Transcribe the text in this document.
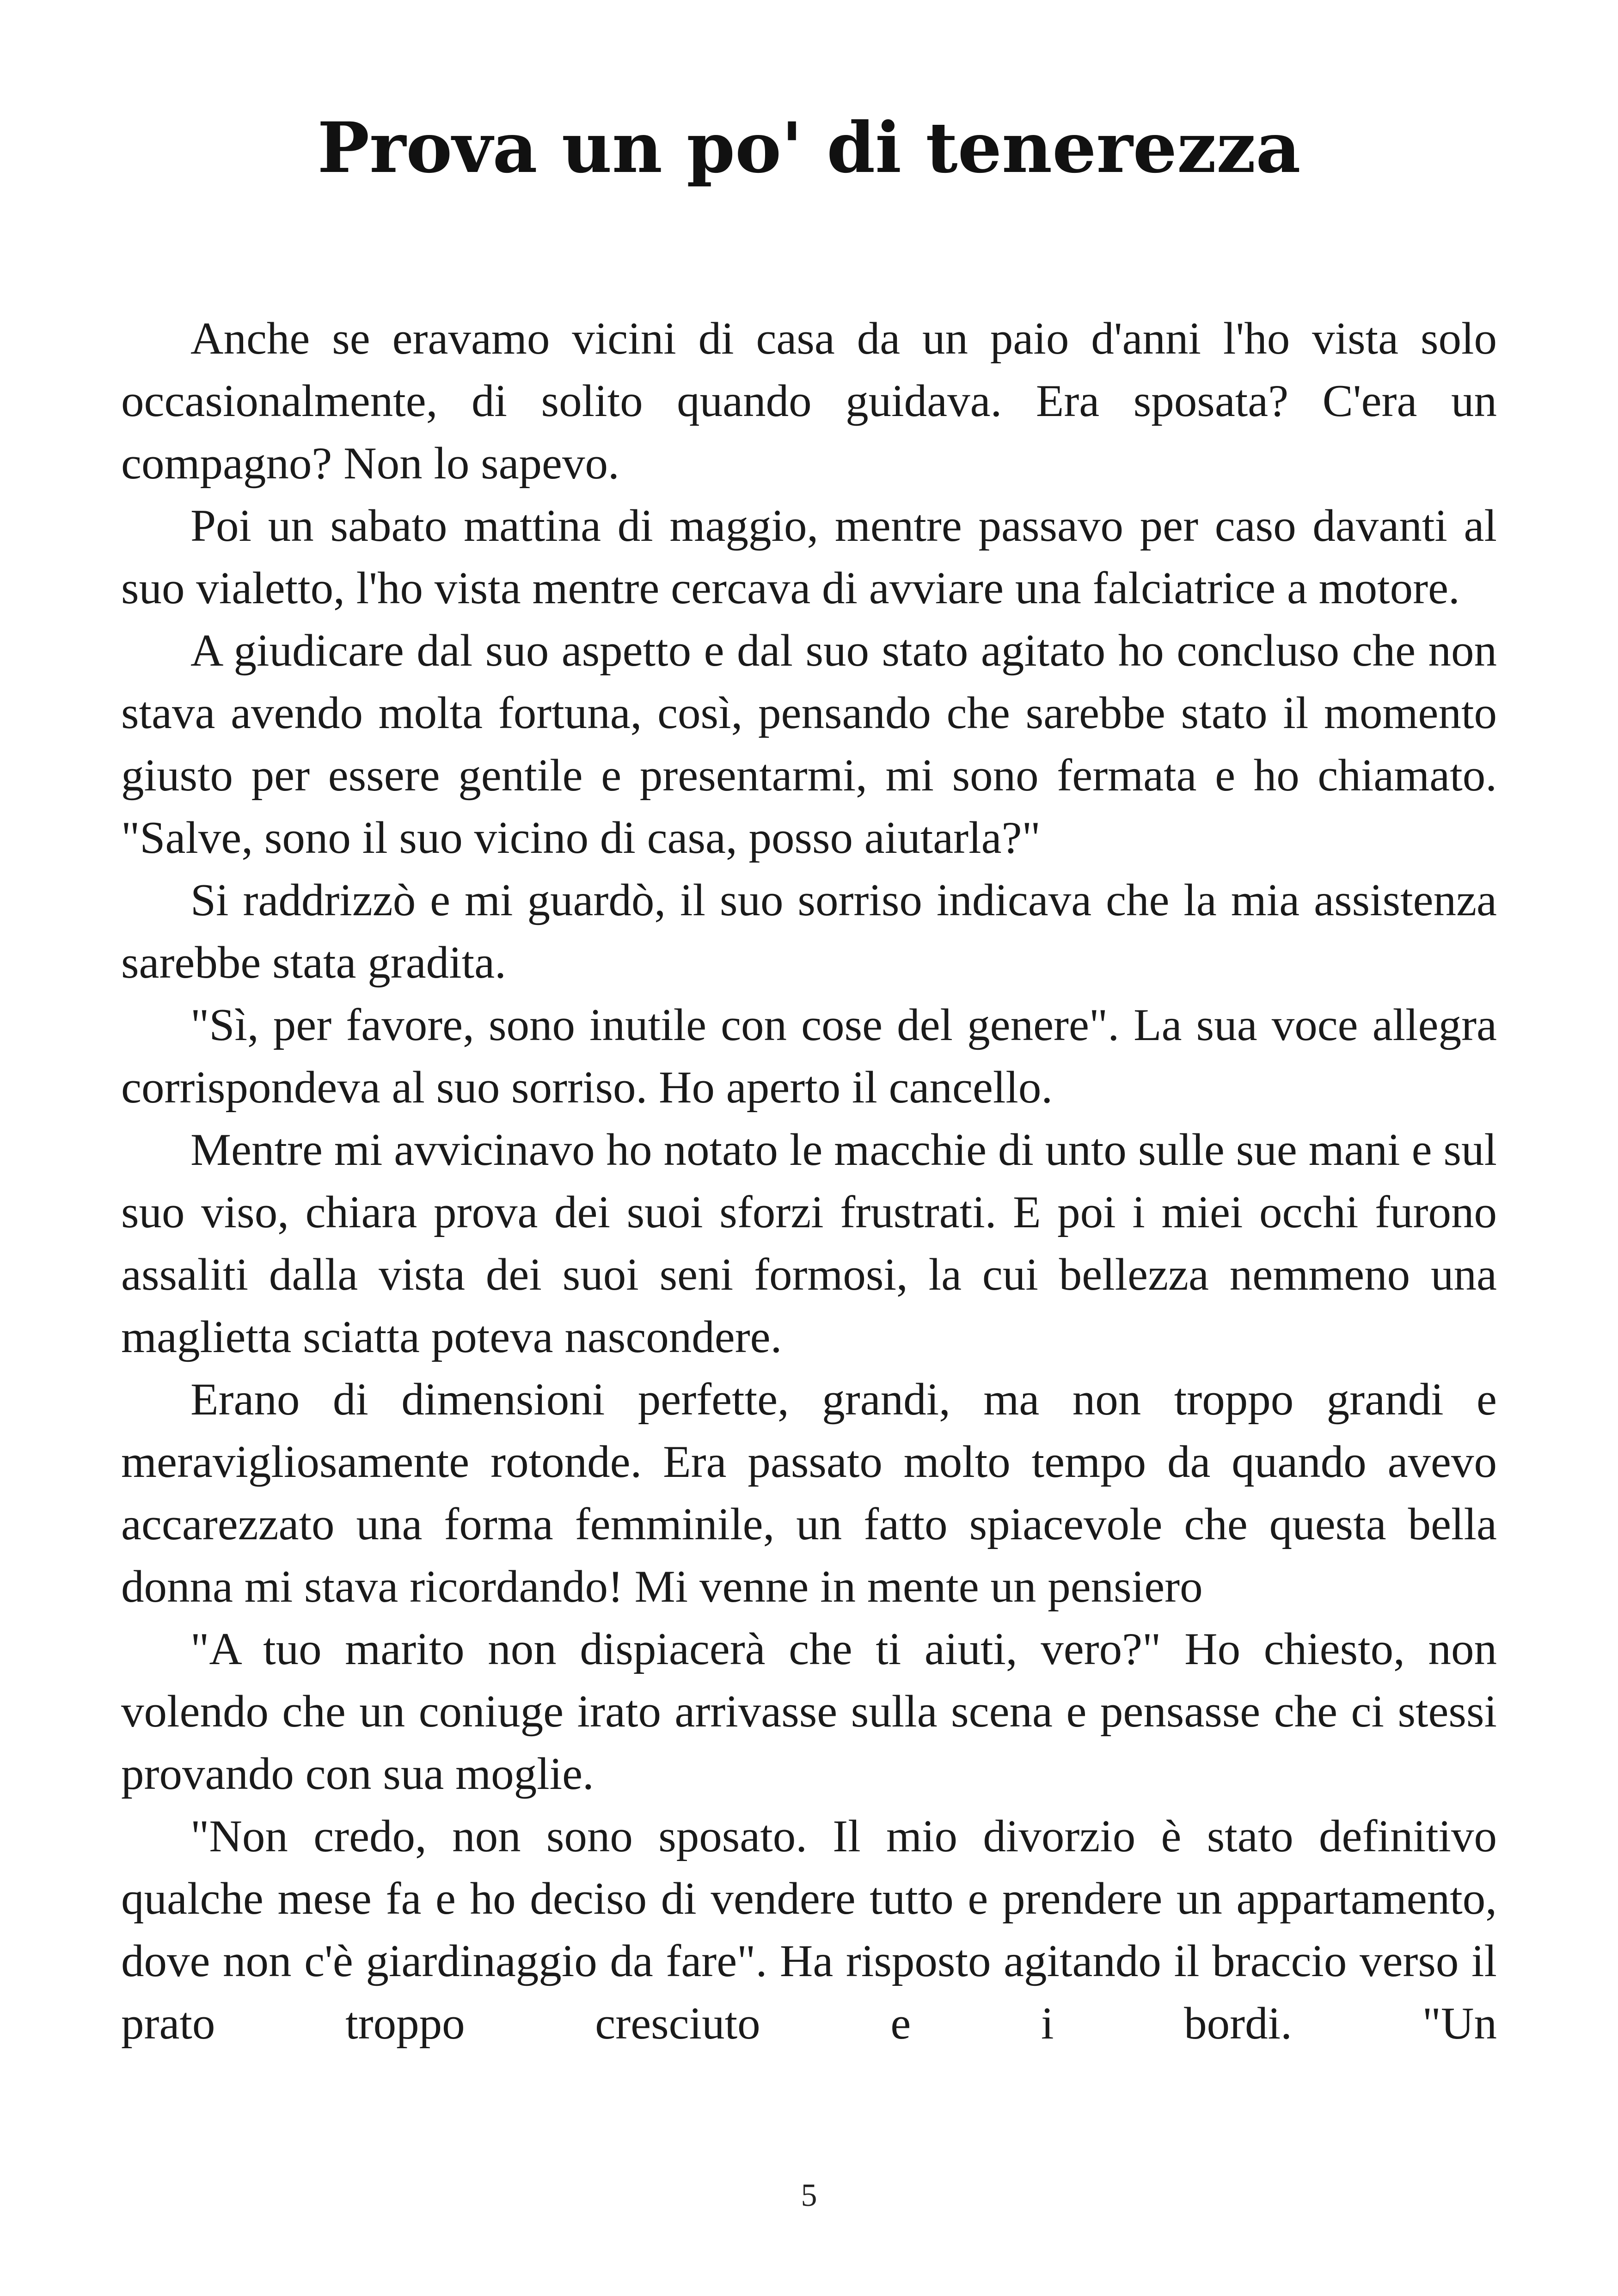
Prova un po' di tenerezza

Anche se eravamo vicini di casa da un paio d'anni l'ho vista solo occasionalmente, di solito quando guidava. Era sposata? C'era un compagno? Non lo sapevo.

Poi un sabato mattina di maggio, mentre passavo per caso davanti al suo vialetto, l'ho vista mentre cercava di avviare una falciatrice a motore.

A giudicare dal suo aspetto e dal suo stato agitato ho concluso che non stava avendo molta fortuna, così, pensando che sarebbe stato il momento giusto per essere gentile e presentarmi, mi sono fermata e ho chiamato. "Salve, sono il suo vicino di casa, posso aiutarla?"

Si raddrizzò e mi guardò, il suo sorriso indicava che la mia assistenza sarebbe stata gradita.

"Sì, per favore, sono inutile con cose del genere". La sua voce allegra corrispondeva al suo sorriso. Ho aperto il cancello.

Mentre mi avvicinavo ho notato le macchie di unto sulle sue mani e sul suo viso, chiara prova dei suoi sforzi frustrati. E poi i miei occhi furono assaliti dalla vista dei suoi seni formosi, la cui bellezza nemmeno una maglietta sciatta poteva nascondere.

Erano di dimensioni perfette, grandi, ma non troppo grandi e meravigliosamente rotonde. Era passato molto tempo da quando avevo accarezzato una forma femminile, un fatto spiacevole che questa bella donna mi stava ricordando! Mi venne in mente un pensiero

"A tuo marito non dispiacerà che ti aiuti, vero?" Ho chiesto, non volendo che un coniuge irato arrivasse sulla scena e pensasse che ci stessi provando con sua moglie.

"Non credo, non sono sposato. Il mio divorzio è stato definitivo qualche mese fa e ho deciso di vendere tutto e prendere un appartamento, dove non c'è giardinaggio da fare". Ha risposto agitando il braccio verso il prato troppo cresciuto e i bordi. "Un

5
